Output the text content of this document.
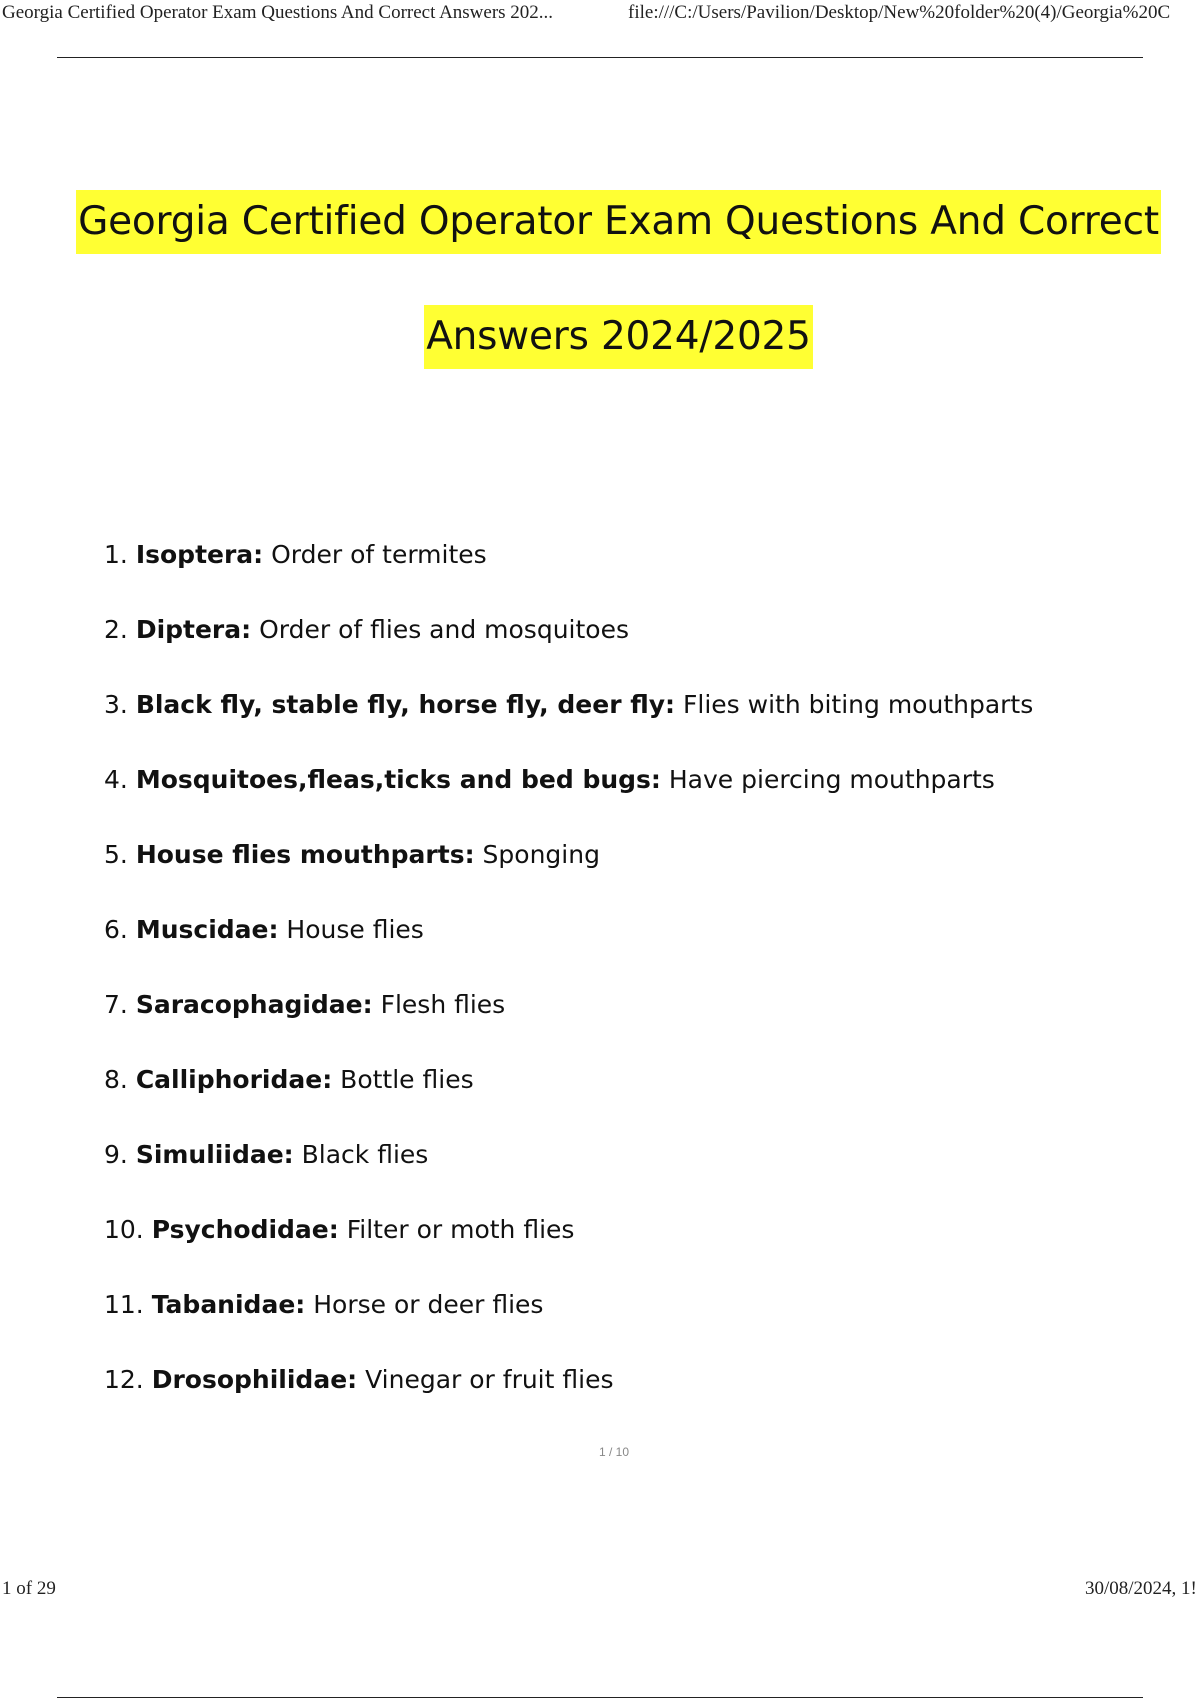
Georgia Certified Operator Exam Questions And Correct Answers 202...	file:///C:/Users/Pavilion/Desktop/New%20folder%20(4)/Georgia%20C
Georgia Certified Operator Exam Questions And Correct
Answers 2024/2025
1. Isoptera: Order of termites
2. Diptera: Order of flies and mosquitoes
3. Black fly, stable fly, horse fly, deer fly: Flies with biting mouthparts
4. Mosquitoes,fleas,ticks and bed bugs: Have piercing mouthparts
5. House flies mouthparts: Sponging
6. Muscidae: House flies
7. Saracophagidae: Flesh flies
8. Calliphoridae: Bottle flies
9. Simuliidae: Black flies
10. Psychodidae: Filter or moth flies
11. Tabanidae: Horse or deer flies
12. Drosophilidae: Vinegar or fruit flies
1 / 10
1 of 29	30/08/2024, 1!
